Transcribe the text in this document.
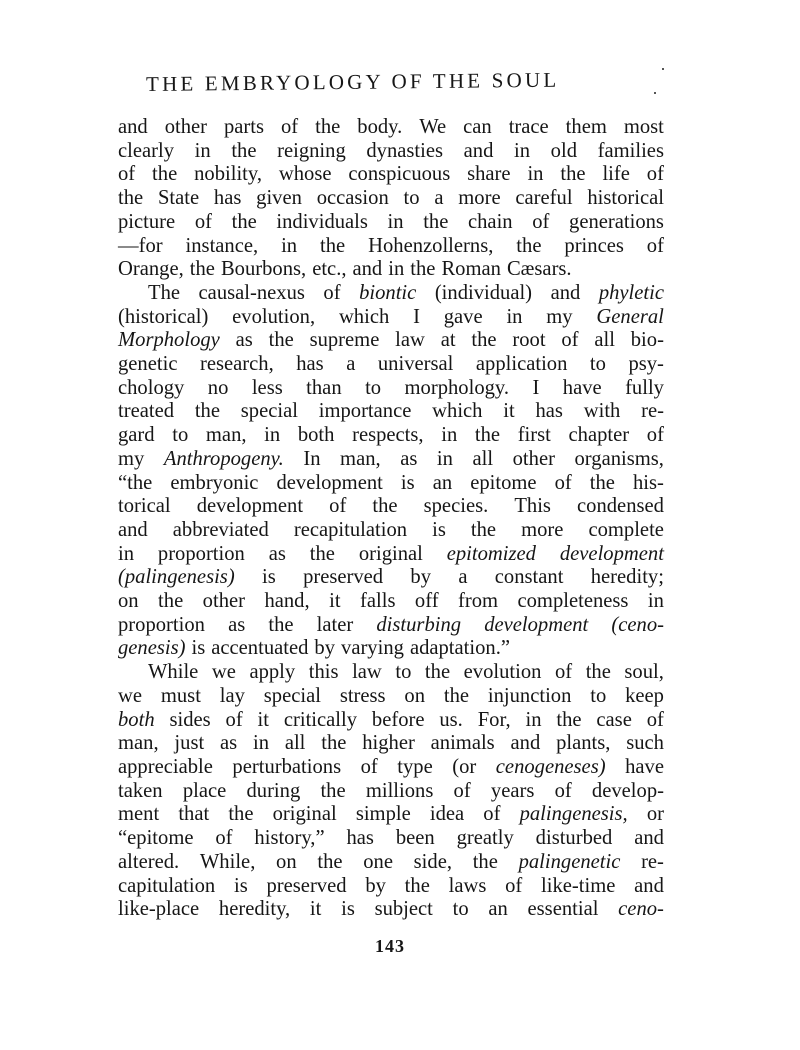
THE EMBRYOLOGY OF THE SOUL
and other parts of the body. We can trace them most
clearly in the reigning dynasties and in old families
of the nobility, whose conspicuous share in the life of
the State has given occasion to a more careful historical
picture of the individuals in the chain of generations
—for instance, in the Hohenzollerns, the princes of
Orange, the Bourbons, etc., and in the Roman Cæsars.
The causal-nexus of biontic (individual) and phyletic
(historical) evolution, which I gave in my General
Morphology as the supreme law at the root of all bio-
genetic research, has a universal application to psy-
chology no less than to morphology. I have fully
treated the special importance which it has with re-
gard to man, in both respects, in the first chapter of
my Anthropogeny. In man, as in all other organisms,
“the embryonic development is an epitome of the his-
torical development of the species. This condensed
and abbreviated recapitulation is the more complete
in proportion as the original epitomized development
(palingenesis) is preserved by a constant heredity;
on the other hand, it falls off from completeness in
proportion as the later disturbing development (ceno-
genesis) is accentuated by varying adaptation.”
While we apply this law to the evolution of the soul,
we must lay special stress on the injunction to keep
both sides of it critically before us. For, in the case of
man, just as in all the higher animals and plants, such
appreciable perturbations of type (or cenogeneses) have
taken place during the millions of years of develop-
ment that the original simple idea of palingenesis, or
“epitome of history,” has been greatly disturbed and
altered. While, on the one side, the palingenetic re-
capitulation is preserved by the laws of like-time and
like-place heredity, it is subject to an essential ceno-
143
